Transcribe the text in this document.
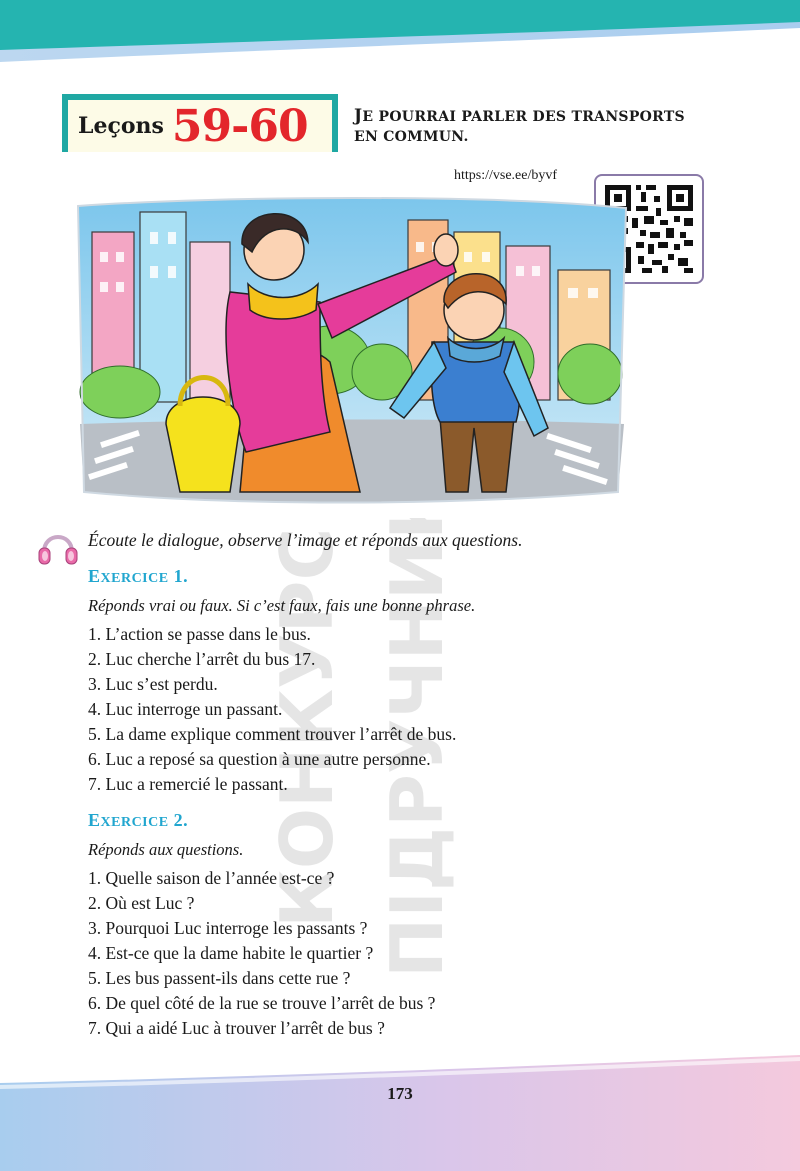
Leçons 59-60	JE POURRAI PARLER DES TRANSPORTS
EN COMMUN.
https://vse.ee/byvf
КОНКУРС ПІДРУЧНИКІВ
Écoute le dialogue, observe l’image et réponds aux questions.
EXERCICE 1.
Réponds vrai ou faux. Si c’est faux, fais une bonne phrase.
1. L’action se passe dans le bus.
2. Luc cherche l’arrêt du bus 17.
3. Luc s’est perdu.
4. Luc interroge un passant.
5. La dame explique comment trouver l’arrêt de bus.
6. Luc a reposé sa question à une autre personne.
7. Luc a remercié le passant.
EXERCICE 2.
Réponds aux questions.
1. Quelle saison de l’année est-ce ?
2. Où est Luc ?
3. Pourquoi Luc interroge les passants ?
4. Est-ce que la dame habite le quartier ?
5. Les bus passent-ils dans cette rue ?
6. De quel côté de la rue se trouve l’arrêt de bus ?
7. Qui a aidé Luc à trouver l’arrêt de bus ?
173
